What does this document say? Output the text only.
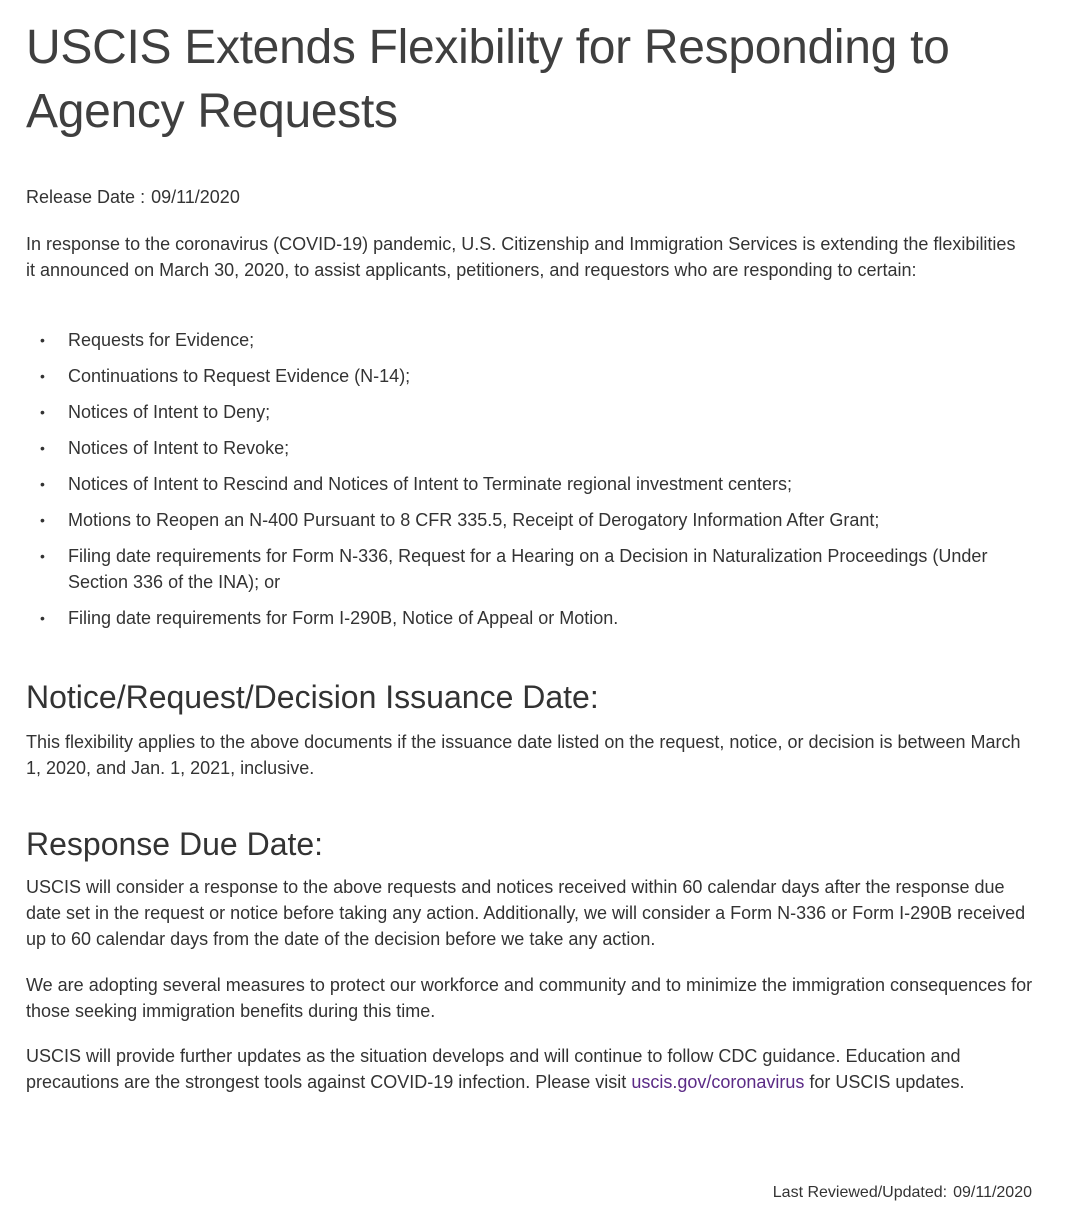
USCIS Extends Flexibility for Responding to Agency Requests
Release Date : 09/11/2020

In response to the coronavirus (COVID-19) pandemic, U.S. Citizenship and Immigration Services is extending the flexibilities it announced on March 30, 2020, to assist applicants, petitioners, and requestors who are responding to certain:

• Requests for Evidence;
• Continuations to Request Evidence (N-14);
• Notices of Intent to Deny;
• Notices of Intent to Revoke;
• Notices of Intent to Rescind and Notices of Intent to Terminate regional investment centers;
• Motions to Reopen an N-400 Pursuant to 8 CFR 335.5, Receipt of Derogatory Information After Grant;
• Filing date requirements for Form N-336, Request for a Hearing on a Decision in Naturalization Proceedings (Under Section 336 of the INA); or
• Filing date requirements for Form I-290B, Notice of Appeal or Motion.
Notice/Request/Decision Issuance Date:

This flexibility applies to the above documents if the issuance date listed on the request, notice, or decision is between March 1, 2020, and Jan. 1, 2021, inclusive.

Response Due Date:

USCIS will consider a response to the above requests and notices received within 60 calendar days after the response due date set in the request or notice before taking any action. Additionally, we will consider a Form N-336 or Form I-290B received up to 60 calendar days from the date of the decision before we take any action.

We are adopting several measures to protect our workforce and community and to minimize the immigration consequences for those seeking immigration benefits during this time.

USCIS will provide further updates as the situation develops and will continue to follow CDC guidance. Education and precautions are the strongest tools against COVID-19 infection. Please visit uscis.gov/coronavirus for USCIS updates.

Last Reviewed/Updated: 09/11/2020
